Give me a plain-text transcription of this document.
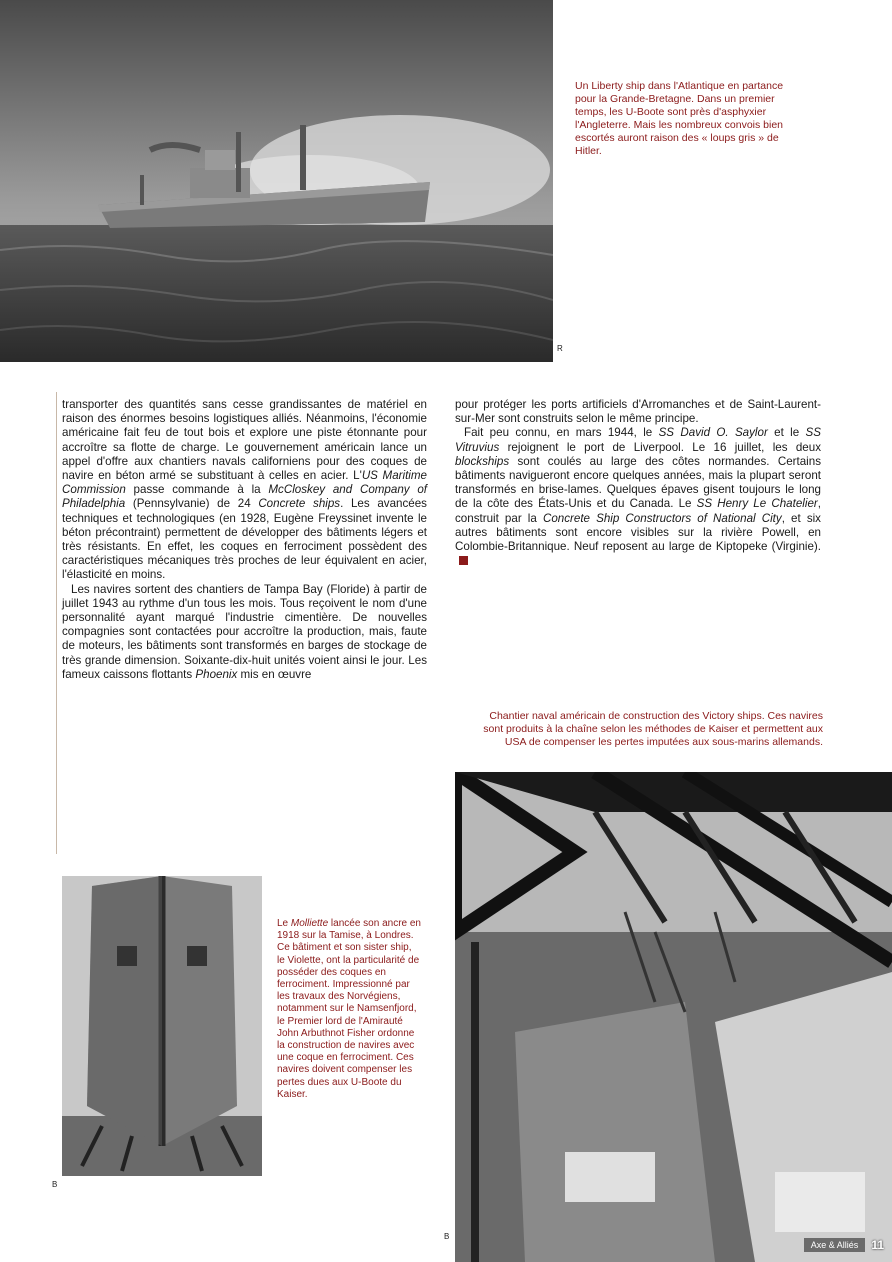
R
Un Liberty ship dans l'Atlantique en partance pour la Grande-Bretagne. Dans un premier temps, les U-Boote sont près d'asphyxier l'Angleterre. Mais les nombreux convois bien escortés auront raison des « loups gris » de Hitler.

transporter des quantités sans cesse grandissantes de matériel en raison des énormes besoins logistiques alliés. Néanmoins, l'économie américaine fait feu de tout bois et explore une piste étonnante pour accroître sa flotte de charge. Le gouvernement américain lance un appel d'offre aux chantiers navals californiens pour des coques de navire en béton armé se substituant à celles en acier. L'US Maritime Commission passe commande à la McCloskey and Company of Philadelphia (Pennsylvanie) de 24 Concrete ships. Les avancées techniques et technologiques (en 1928, Eugène Freyssinet invente le béton précontraint) permettent de développer des bâtiments légers et très résistants. En effet, les coques en ferrociment possèdent des caractéristiques mécaniques très proches de leur équivalent en acier, l'élasticité en moins.

Les navires sortent des chantiers de Tampa Bay (Floride) à partir de juillet 1943 au rythme d'un tous les mois. Tous reçoivent le nom d'une personnalité ayant marqué l'industrie cimentière. De nouvelles compagnies sont contactées pour accroître la production, mais, faute de moteurs, les bâtiments sont transformés en barges de stockage de très grande dimension. Soixante-dix-huit unités voient ainsi le jour. Les fameux caissons flottants Phoenix mis en œuvre

pour protéger les ports artificiels d'Arromanches et de Saint-Laurent-sur-Mer sont construits selon le même principe.

Fait peu connu, en mars 1944, le SS David O. Saylor et le SS Vitruvius rejoignent le port de Liverpool. Le 16 juillet, les deux blockships sont coulés au large des côtes normandes. Certains bâtiments navigueront encore quelques années, mais la plupart seront transformés en brise-lames. Quelques épaves gisent toujours le long de la côte des États-Unis et du Canada. Le SS Henry Le Chatelier, construit par la Concrete Ship Constructors of National City, et six autres bâtiments sont encore visibles sur la rivière Powell, en Colombie-Britannique. Neuf reposent au large de Kiptopeke (Virginie).

Chantier naval américain de construction des Victory ships. Ces navires sont produits à la chaîne selon les méthodes de Kaiser et permettent aux USA de compenser les pertes imputées aux sous-marins allemands.
B
Le Molliette lancée son ancre en 1918 sur la Tamise, à Londres. Ce bâtiment et son sister ship, le Violette, ont la particularité de posséder des coques en ferrociment. Impressionné par les travaux des Norvégiens, notamment sur le Namsenfjord, le Premier lord de l'Amirauté John Arbuthnot Fisher ordonne la construction de navires avec une coque en ferrociment. Ces navires doivent compenser les pertes dues aux U-Boote du Kaiser.
B
Axe & Alliés	11
